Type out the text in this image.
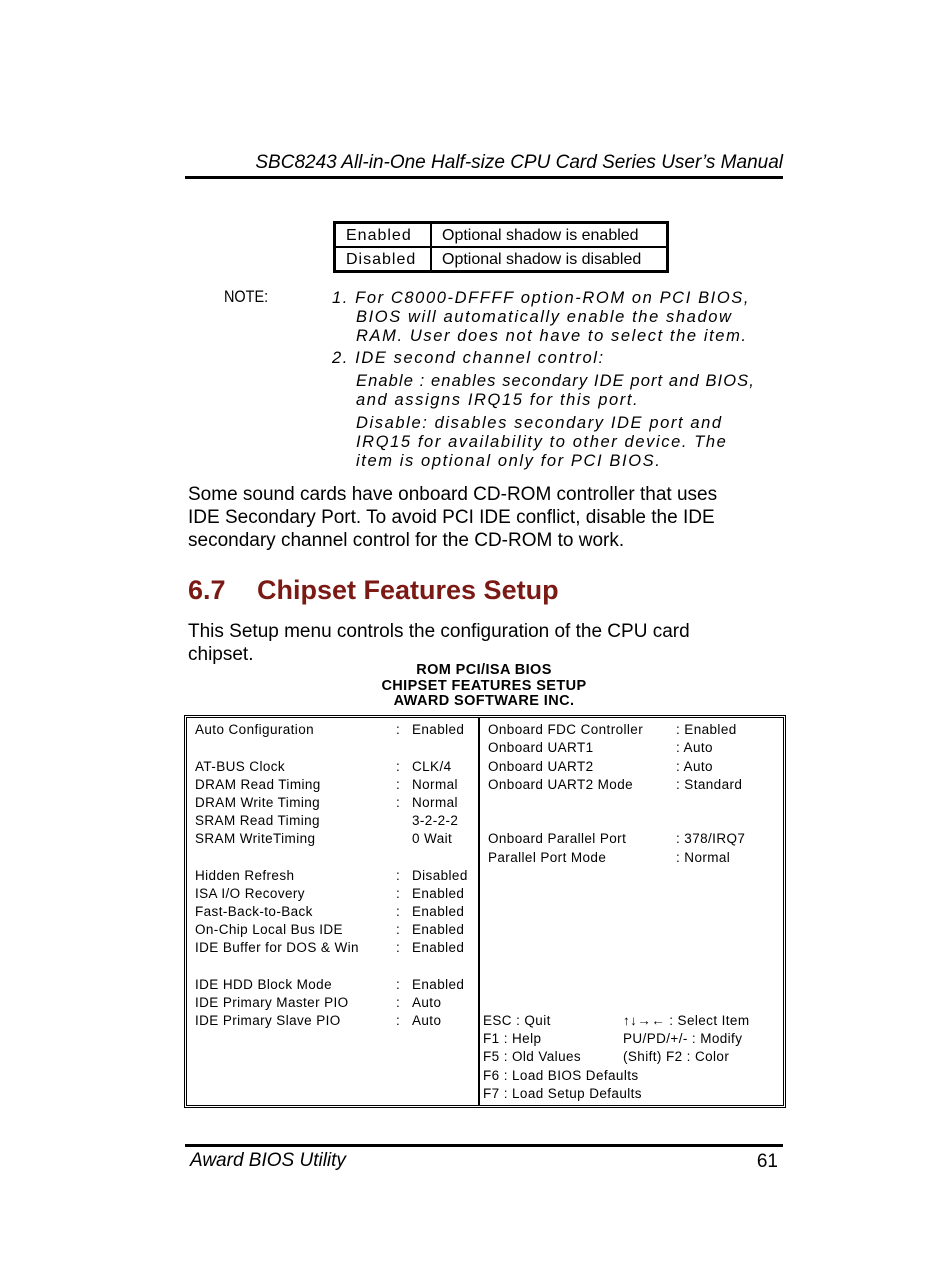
SBC8243 All-in-One Half-size CPU Card Series User’s Manual
Enabled	Optional shadow is enabled
Disabled	Optional shadow is disabled
NOTE:	1. For C8000-DFFFF option-ROM on PCI BIOS,
BIOS will automatically enable the shadow
RAM. User does not have to select the item.
2. IDE second channel control:
Enable : enables secondary IDE port and BIOS,
and assigns IRQ15 for this port.
Disable: disables secondary IDE port and
IRQ15 for availability to other device. The
item is optional only for PCI BIOS.
Some sound cards have onboard CD-ROM controller that uses
IDE Secondary Port. To avoid PCI IDE conflict, disable the IDE
secondary channel control for the CD-ROM to work.
6.7 Chipset Features Setup
This Setup menu controls the configuration of the CPU card
chipset.
ROM PCI/ISA BIOS
CHIPSET FEATURES SETUP
AWARD SOFTWARE INC.
Auto Configuration	: Enabled
AT-BUS Clock	: CLK/4
DRAM Read Timing	: Normal
DRAM Write Timing	: Normal
SRAM Read Timing	3-2-2-2
SRAM WriteTiming	0 Wait
Hidden Refresh	: Disabled
ISA I/O Recovery	: Enabled
Fast-Back-to-Back	: Enabled
On-Chip Local Bus IDE	: Enabled
IDE Buffer for DOS & Win	: Enabled
IDE HDD Block Mode	: Enabled
IDE Primary Master PIO	: Auto
IDE Primary Slave PIO	: Auto
Onboard FDC Controller : Enabled
Onboard UART1	: Auto
Onboard UART2	: Auto
Onboard UART2 Mode	: Standard
Onboard Parallel Port	: 378/IRQ7
Parallel Port Mode	: Normal
ESC : Quit	↑↓→← : Select Item
F1 : Help	PU/PD/+/- : Modify
F5 : Old Values	(Shift) F2 : Color
F6 : Load BIOS Defaults
F7 : Load Setup Defaults
Award BIOS Utility	61
